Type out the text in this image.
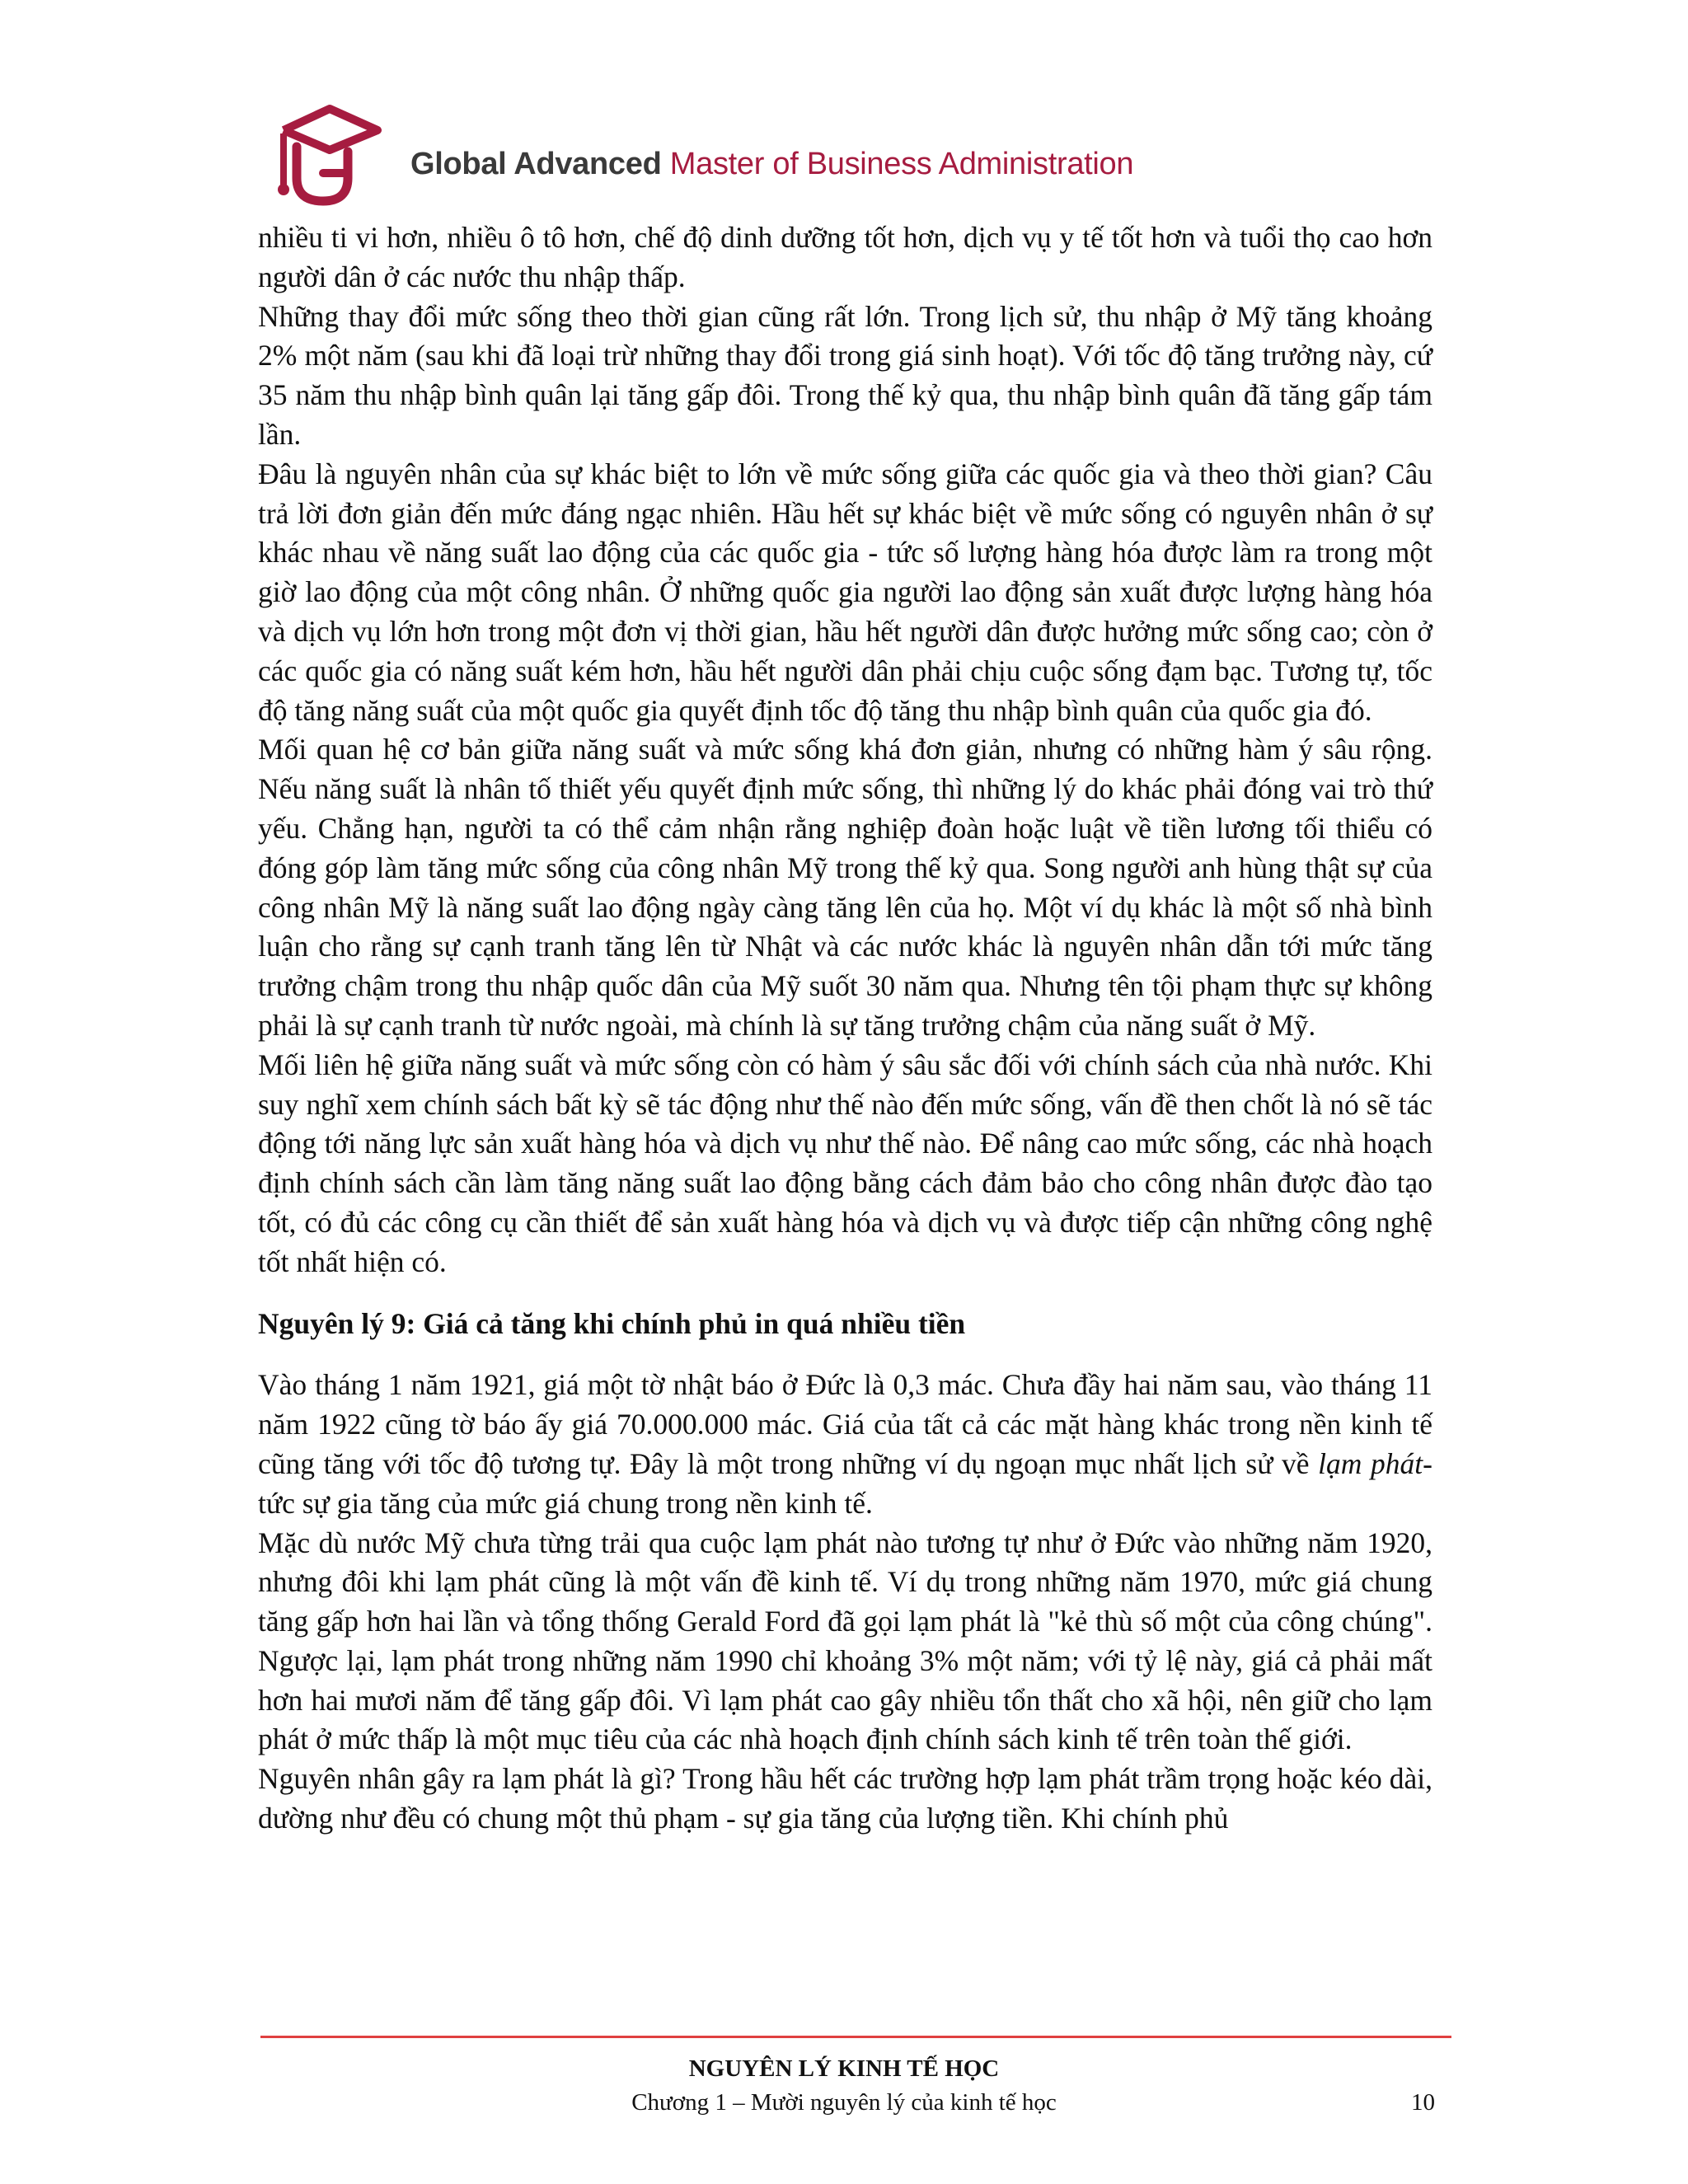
Global Advanced Master of Business Administration

nhiều ti vi hơn, nhiều ô tô hơn, chế độ dinh dưỡng tốt hơn, dịch vụ y tế tốt hơn và tuổi thọ cao hơn người dân ở các nước thu nhập thấp.

Những thay đổi mức sống theo thời gian cũng rất lớn. Trong lịch sử, thu nhập ở Mỹ tăng khoảng 2% một năm (sau khi đã loại trừ những thay đổi trong giá sinh hoạt). Với tốc độ tăng trưởng này, cứ 35 năm thu nhập bình quân lại tăng gấp đôi. Trong thế kỷ qua, thu nhập bình quân đã tăng gấp tám lần.

Đâu là nguyên nhân của sự khác biệt to lớn về mức sống giữa các quốc gia và theo thời gian? Câu trả lời đơn giản đến mức đáng ngạc nhiên. Hầu hết sự khác biệt về mức sống có nguyên nhân ở sự khác nhau về năng suất lao động của các quốc gia - tức số lượng hàng hóa được làm ra trong một giờ lao động của một công nhân. Ở những quốc gia người lao động sản xuất được lượng hàng hóa và dịch vụ lớn hơn trong một đơn vị thời gian, hầu hết người dân được hưởng mức sống cao; còn ở các quốc gia có năng suất kém hơn, hầu hết người dân phải chịu cuộc sống đạm bạc. Tương tự, tốc độ tăng năng suất của một quốc gia quyết định tốc độ tăng thu nhập bình quân của quốc gia đó.

Mối quan hệ cơ bản giữa năng suất và mức sống khá đơn giản, nhưng có những hàm ý sâu rộng. Nếu năng suất là nhân tố thiết yếu quyết định mức sống, thì những lý do khác phải đóng vai trò thứ yếu. Chẳng hạn, người ta có thể cảm nhận rằng nghiệp đoàn hoặc luật về tiền lương tối thiểu có đóng góp làm tăng mức sống của công nhân Mỹ trong thế kỷ qua. Song người anh hùng thật sự của công nhân Mỹ là năng suất lao động ngày càng tăng lên của họ. Một ví dụ khác là một số nhà bình luận cho rằng sự cạnh tranh tăng lên từ Nhật và các nước khác là nguyên nhân dẫn tới mức tăng trưởng chậm trong thu nhập quốc dân của Mỹ suốt 30 năm qua. Nhưng tên tội phạm thực sự không phải là sự cạnh tranh từ nước ngoài, mà chính là sự tăng trưởng chậm của năng suất ở Mỹ.

Mối liên hệ giữa năng suất và mức sống còn có hàm ý sâu sắc đối với chính sách của nhà nước. Khi suy nghĩ xem chính sách bất kỳ sẽ tác động như thế nào đến mức sống, vấn đề then chốt là nó sẽ tác động tới năng lực sản xuất hàng hóa và dịch vụ như thế nào. Để nâng cao mức sống, các nhà hoạch định chính sách cần làm tăng năng suất lao động bằng cách đảm bảo cho công nhân được đào tạo tốt, có đủ các công cụ cần thiết để sản xuất hàng hóa và dịch vụ và được tiếp cận những công nghệ tốt nhất hiện có.

Nguyên lý 9: Giá cả tăng khi chính phủ in quá nhiều tiền

Vào tháng 1 năm 1921, giá một tờ nhật báo ở Đức là 0,3 mác. Chưa đầy hai năm sau, vào tháng 11 năm 1922 cũng tờ báo ấy giá 70.000.000 mác. Giá của tất cả các mặt hàng khác trong nền kinh tế cũng tăng với tốc độ tương tự. Đây là một trong những ví dụ ngoạn mục nhất lịch sử về lạm phát- tức sự gia tăng của mức giá chung trong nền kinh tế.

Mặc dù nước Mỹ chưa từng trải qua cuộc lạm phát nào tương tự như ở Đức vào những năm 1920, nhưng đôi khi lạm phát cũng là một vấn đề kinh tế. Ví dụ trong những năm 1970, mức giá chung tăng gấp hơn hai lần và tổng thống Gerald Ford đã gọi lạm phát là "kẻ thù số một của công chúng". Ngược lại, lạm phát trong những năm 1990 chỉ khoảng 3% một năm; với tỷ lệ này, giá cả phải mất hơn hai mươi năm để tăng gấp đôi. Vì lạm phát cao gây nhiều tổn thất cho xã hội, nên giữ cho lạm phát ở mức thấp là một mục tiêu của các nhà hoạch định chính sách kinh tế trên toàn thế giới.

Nguyên nhân gây ra lạm phát là gì? Trong hầu hết các trường hợp lạm phát trầm trọng hoặc kéo dài, dường như đều có chung một thủ phạm - sự gia tăng của lượng tiền. Khi chính phủ

NGUYÊN LÝ KINH TẾ HỌC
Chương 1 – Mười nguyên lý của kinh tế học	10
